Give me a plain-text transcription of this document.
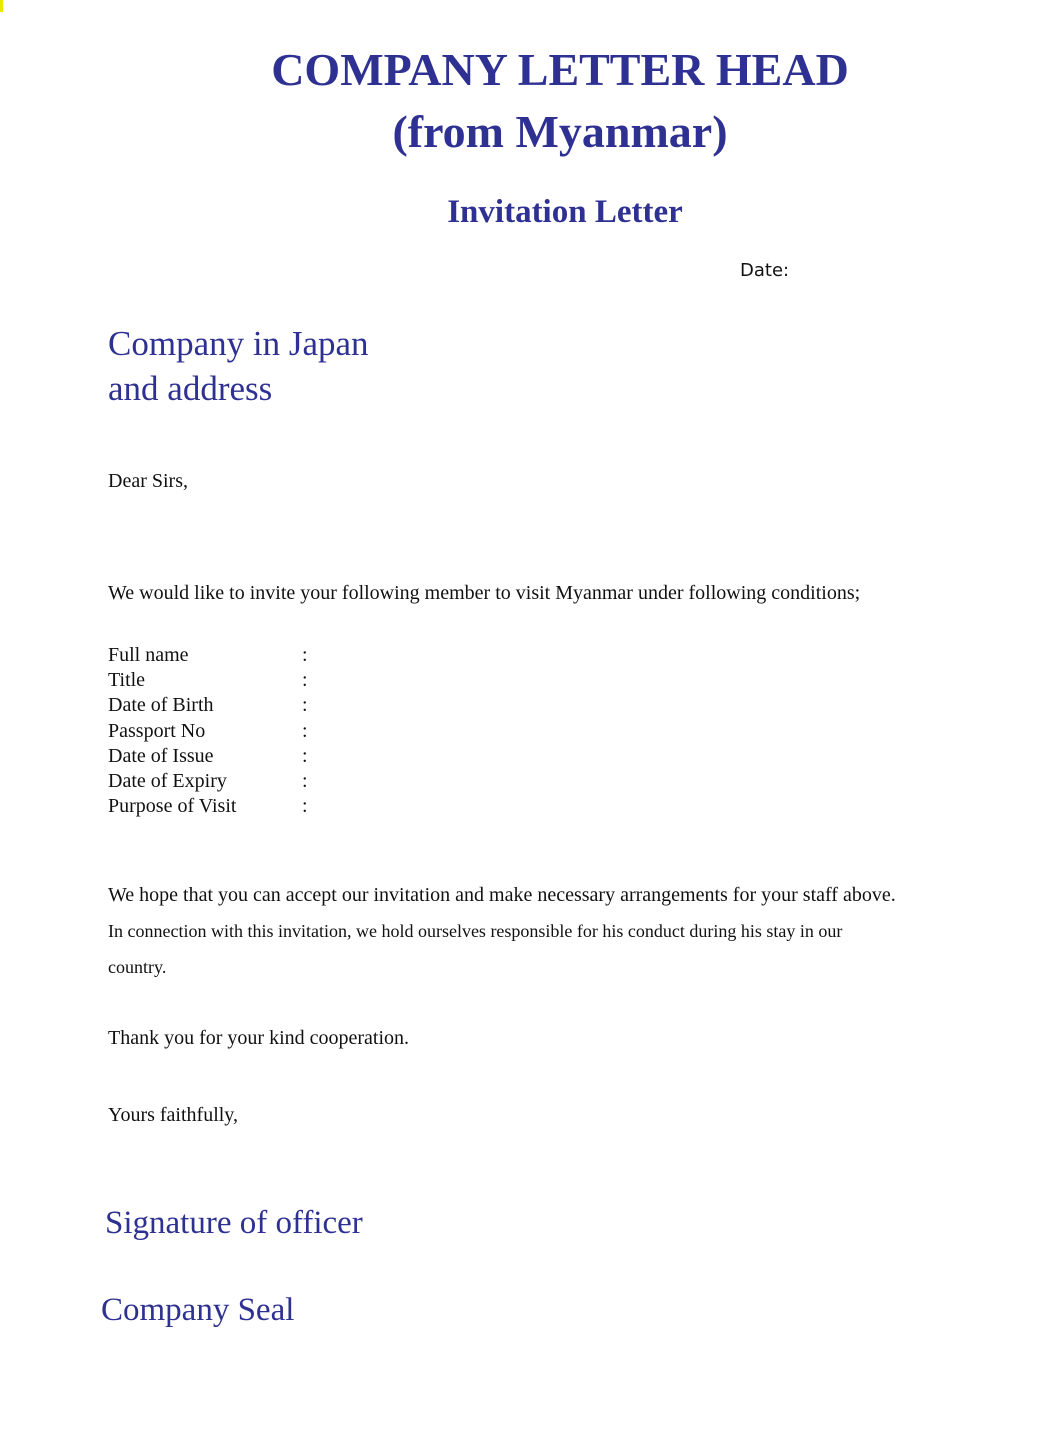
COMPANY LETTER HEAD
(from Myanmar)
Invitation Letter
Date:
Company in Japan
and address
Dear Sirs,
We would like to invite your following member to visit Myanmar under following conditions;
Full name	:
Title	:
Date of Birth	:
Passport No	:
Date of Issue	:
Date of Expiry	:
Purpose of Visit	:
We hope that you can accept our invitation and make necessary arrangements for your staff above.
In connection with this invitation, we hold ourselves responsible for his conduct during his stay in our
country.
Thank you for your kind cooperation.
Yours faithfully,
Signature of officer
Company Seal
